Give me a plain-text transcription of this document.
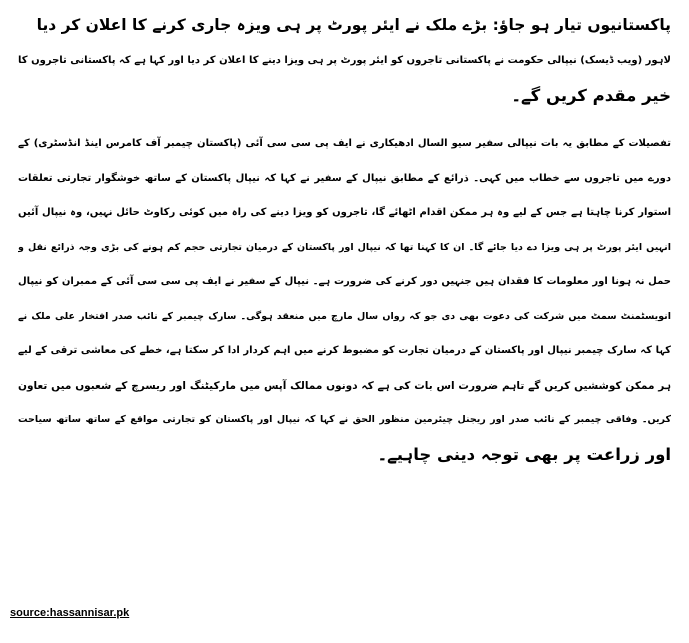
پاکستانیوں تیار ہو جاؤ: بڑے ملک نے ایئر پورٹ پر ہی ویزہ جاری کرنے کا اعلان کر دیا
لاہور (ویب ڈیسک) نیپالی حکومت نے پاکستانی تاجروں کو ایئر پورٹ پر ہی ویزا دینے کا اعلان کر دیا اور کہا ہے کہ پاکستانی تاجروں کا
خیر مقدم کریں گے۔
تفصیلات کے مطابق یہ بات نیپالی سفیر سیو السال ادھیکاری نے ایف پی سی سی آئی (پاکستان چیمبر آف کامرس اینڈ انڈسٹری) کے
دورے میں تاجروں سے خطاب میں کہی۔ ذرائع کے مطابق نیپال کے سفیر نے کہا کہ نیپال پاکستان کے ساتھ خوشگوار تجارتی تعلقات
استوار کرنا چاہتا ہے جس کے لیے وہ ہر ممکن اقدام اٹھائے گا، تاجروں کو ویزا دینے کی راہ میں کوئی رکاوٹ حائل نہیں، وہ نیپال آئیں
انہیں ایئر پورٹ پر ہی ویزا دے دیا جائے گا۔ ان کا کہنا تھا کہ نیپال اور پاکستان کے درمیان تجارتی حجم کم ہونے کی بڑی وجہ ذرائع نقل و
حمل نہ ہونا اور معلومات کا فقدان ہیں جنہیں دور کرنے کی ضرورت ہے۔ نیپال کے سفیر نے ایف پی سی سی آئی کے ممبران کو نیپال
انویسٹمنٹ سمٹ میں شرکت کی دعوت بھی دی جو کہ رواں سال مارچ میں منعقد ہوگی۔ سارک چیمبر کے نائب صدر افتخار علی ملک نے
کہا کہ سارک چیمبر نیپال اور پاکستان کے درمیان تجارت کو مضبوط کرنے میں اہم کردار ادا کر سکتا ہے، خطے کی معاشی ترقی کے لیے
ہر ممکن کوششیں کریں گے تاہم ضرورت اس بات کی ہے کہ دونوں ممالک آپس میں مارکیٹنگ اور ریسرچ کے شعبوں میں تعاون
کریں۔ وفاقی چیمبر کے نائب صدر اور ریجنل چیئرمین منظور الحق نے کہا کہ نیپال اور پاکستان کو تجارتی مواقع کے ساتھ ساتھ سیاحت
اور زراعت پر بھی توجہ دینی چاہیے۔
source:hassannisar.pk
